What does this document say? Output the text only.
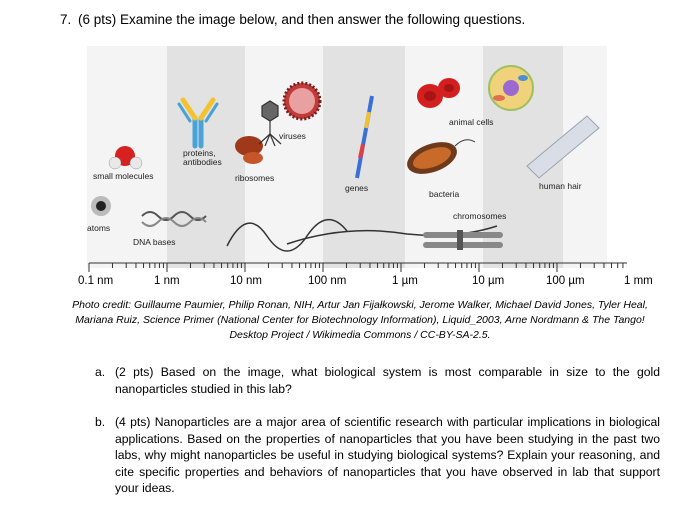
7. (6 pts) Examine the image below, and then answer the following questions.
small molecules
proteins,
antibodies
ribosomes
viruses
genes
animal cells
bacteria
human hair
chromosomes
atoms
DNA bases
0.1 nm	1 nm	10 nm	100 nm	1 µm	10 µm	100 µm	1 mm
Photo credit: Guillaume Paumier, Philip Ronan, NIH, Artur Jan Fijałkowski, Jerome Walker, Michael David Jones, Tyler Heal, Mariana Ruiz, Science Primer (National Center for Biotechnology Information), Liquid_2003, Arne Nordmann & The Tango! Desktop Project / Wikimedia Commons / CC-BY-SA-2.5.
a. (2 pts) Based on the image, what biological system is most comparable in size to the gold nanoparticles studied in this lab?
b. (4 pts) Nanoparticles are a major area of scientific research with particular implications in biological applications. Based on the properties of nanoparticles that you have been studying in the past two labs, why might nanoparticles be useful in studying biological systems? Explain your reasoning, and cite specific properties and behaviors of nanoparticles that you have observed in lab that support your ideas.
